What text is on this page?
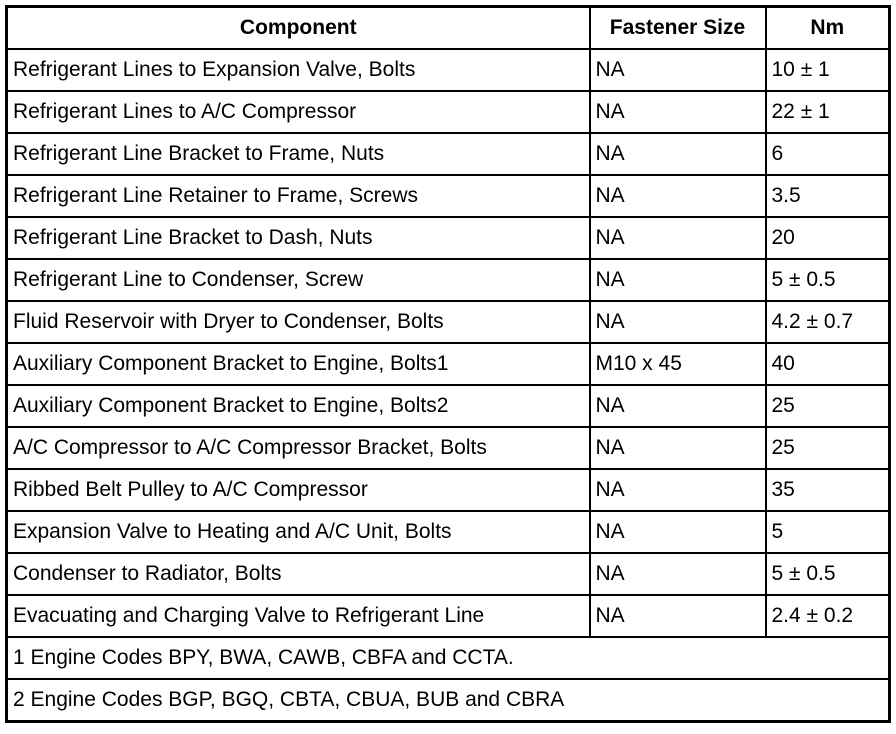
Component	Fastener Size	Nm
Refrigerant Lines to Expansion Valve, Bolts	NA	10 ± 1
Refrigerant Lines to A/C Compressor	NA	22 ± 1
Refrigerant Line Bracket to Frame, Nuts	NA	6
Refrigerant Line Retainer to Frame, Screws	NA	3.5
Refrigerant Line Bracket to Dash, Nuts	NA	20
Refrigerant Line to Condenser, Screw	NA	5 ± 0.5
Fluid Reservoir with Dryer to Condenser, Bolts	NA	4.2 ± 0.7
Auxiliary Component Bracket to Engine, Bolts1	M10 x 45	40
Auxiliary Component Bracket to Engine, Bolts2	NA	25
A/C Compressor to A/C Compressor Bracket, Bolts	NA	25
Ribbed Belt Pulley to A/C Compressor	NA	35
Expansion Valve to Heating and A/C Unit, Bolts	NA	5
Condenser to Radiator, Bolts	NA	5 ± 0.5
Evacuating and Charging Valve to Refrigerant Line	NA	2.4 ± 0.2
1 Engine Codes BPY, BWA, CAWB, CBFA and CCTA.		
2 Engine Codes BGP, BGQ, CBTA, CBUA, BUB and CBRA		
